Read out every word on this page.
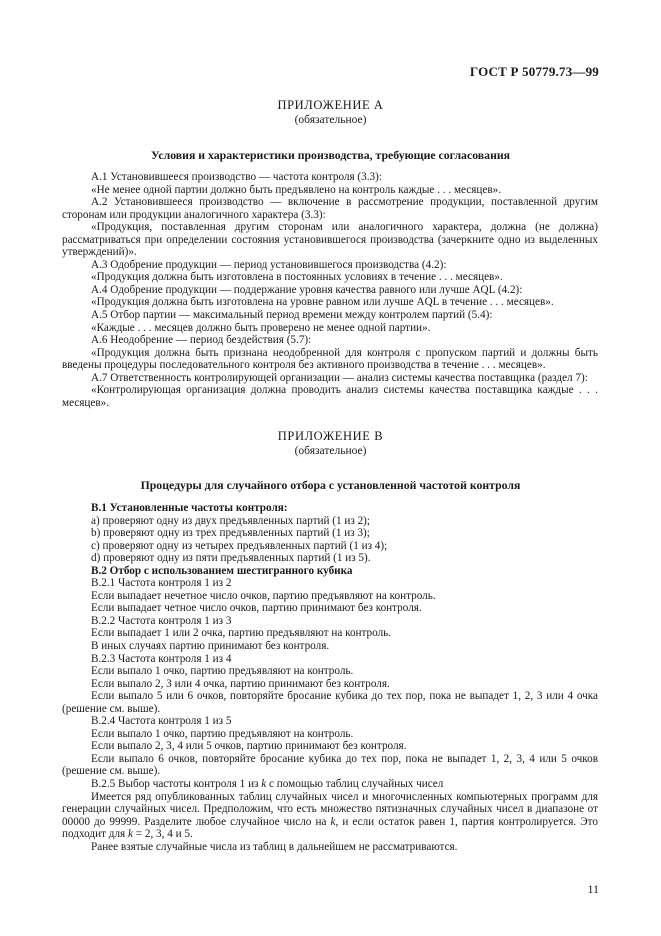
ГОСТ Р 50779.73—99
ПРИЛОЖЕНИЕ А
(обязательное)
Условия и характеристики производства, требующие согласования

А.1 Установившееся производство — частота контроля (3.3):

«Не менее одной партии должно быть предъявлено на контроль каждые . . . месяцев».

А.2 Установившееся производство — включение в рассмотрение продукции, поставленной другим сторонам или продукции аналогичного характера (3.3):

«Продукция, поставленная другим сторонам или аналогичного характера, должна (не должна) рассматриваться при определении состояния установившегося производства (зачеркните одно из выделенных утверждений)».

А.3 Одобрение продукции — период установившегося производства (4.2):

«Продукция должна быть изготовлена в постоянных условиях в течение . . . месяцев».

А.4 Одобрение продукции — поддержание уровня качества равного или лучше AQL (4.2):

«Продукция должна быть изготовлена на уровне равном или лучше AQL в течение . . . месяцев».

А.5 Отбор партии — максимальный период времени между контролем партий (5.4):

«Каждые . . . месяцев должно быть проверено не менее одной партии».

А.6 Неодобрение — период бездействия (5.7):

«Продукция должна быть признана неодобренной для контроля с пропуском партий и должны быть введены процедуры последовательного контроля без активного производства в течение . . . месяцев».

А.7 Ответственность контролирующей организации — анализ системы качества поставщика (раздел 7):

«Контролирующая организация должна проводить анализ системы качества поставщика каждые . . . месяцев».

ПРИЛОЖЕНИЕ В
(обязательное)
Процедуры для случайного отбора с установленной частотой контроля

В.1 Установленные частоты контроля:

a) проверяют одну из двух предъявленных партий (1 из 2);

b) проверяют одну из трех предъявленных партий (1 из 3);

c) проверяют одну из четырех предъявленных партий (1 из 4);

d) проверяют одну из пяти предъявленных партий (1 из 5).

В.2 Отбор с использованием шестигранного кубика

В.2.1 Частота контроля 1 из 2

Если выпадает нечетное число очков, партию предъявляют на контроль.

Если выпадает четное число очков, партию принимают без контроля.

В.2.2 Частота контроля 1 из 3

Если выпадает 1 или 2 очка, партию предъявляют на контроль.

В иных случаях партию принимают без контроля.

В.2.3 Частота контроля 1 из 4

Если выпало 1 очко, партию предъявляют на контроль.

Если выпало 2, 3 или 4 очка, партию принимают без контроля.

Если выпало 5 или 6 очков, повторяйте бросание кубика до тех пор, пока не выпадет 1, 2, 3 или 4 очка (решение см. выше).

В.2.4 Частота контроля 1 из 5

Если выпало 1 очко, партию предъявляют на контроль.

Если выпало 2, 3, 4 или 5 очков, партию принимают без контроля.

Если выпало 6 очков, повторяйте бросание кубика до тех пор, пока не выпадет 1, 2, 3, 4 или 5 очков (решение см. выше).

В.2.5 Выбор частоты контроля 1 из k с помощью таблиц случайных чисел

Имеется ряд опубликованных таблиц случайных чисел и многочисленных компьютерных программ для генерации случайных чисел. Предположим, что есть множество пятизначных случайных чисел в диапазоне от 00000 до 99999. Разделите любое случайное число на k, и если остаток равен 1, партия контролируется. Это подходит для k = 2, 3, 4 и 5.

Ранее взятые случайные числа из таблиц в дальнейшем не рассматриваются.

11
